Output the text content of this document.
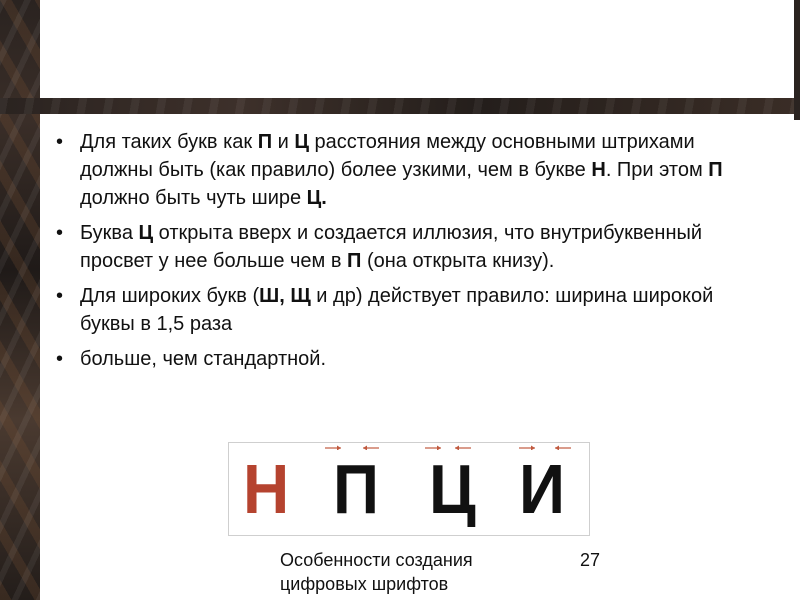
• Для таких букв как П и Ц расстояния между основными штрихами должны быть (как правило) более узкими, чем в букве Н. При этом П должно быть чуть шире Ц.
• Буква Ц открыта вверх и создается иллюзия, что внутрибуквенный просвет у нее больше чем в П (она открыта книзу).
• Для широких букв (Ш, Щ и др) действует правило: ширина широкой буквы в 1,5 раза
• больше, чем стандартной.
Н П Ц И
Особенности создания цифровых шрифтов
27
